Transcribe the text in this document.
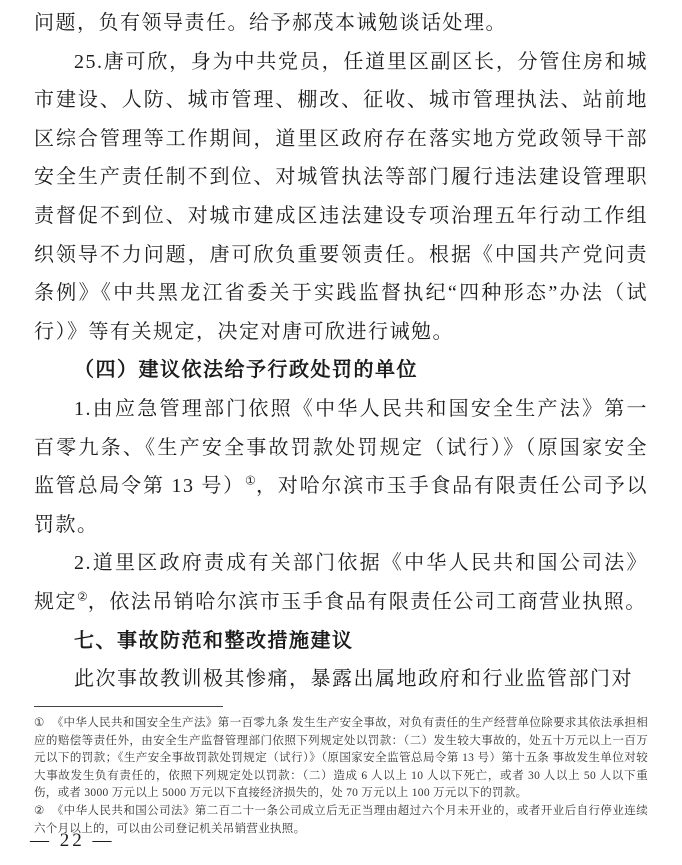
问题，负有领导责任。给予郝茂本诫勉谈话处理。

25.唐可欣，身为中共党员，任道里区副区长，分管住房和城市建设、人防、城市管理、棚改、征收、城市管理执法、站前地区综合管理等工作期间，道里区政府存在落实地方党政领导干部安全生产责任制不到位、对城管执法等部门履行违法建设管理职责督促不到位、对城市建成区违法建设专项治理五年行动工作组织领导不力问题，唐可欣负重要领责任。根据《中国共产党问责条例》《中共黑龙江省委关于实践监督执纪“四种形态”办法（试行）》等有关规定，决定对唐可欣进行诫勉。

（四）建议依法给予行政处罚的单位

1.由应急管理部门依照《中华人民共和国安全生产法》第一百零九条、《生产安全事故罚款处罚规定（试行）》（原国家安全监管总局令第 13 号）①，对哈尔滨市玉手食品有限责任公司予以罚款。

2.道里区政府责成有关部门依据《中华人民共和国公司法》规定②，依法吊销哈尔滨市玉手食品有限责任公司工商营业执照。

七、事故防范和整改措施建议

此次事故教训极其惨痛，暴露出属地政府和行业监管部门对

① 《中华人民共和国安全生产法》第一百零九条 发生生产安全事故，对负有责任的生产经营单位除要求其依法承担相应的赔偿等责任外，由安全生产监督管理部门依照下列规定处以罚款：（二）发生较大事故的，处五十万元以上一百万元以下的罚款；《生产安全事故罚款处罚规定（试行）》（原国家安全监管总局令第 13 号）第十五条 事故发生单位对较大事故发生负有责任的，依照下列规定处以罚款：（二）造成 6 人以上 10 人以下死亡，或者 30 人以上 50 人以下重伤，或者 3000 万元以上 5000 万元以下直接经济损失的，处 70 万元以上 100 万元以下的罚款。

② 《中华人民共和国公司法》第二百二十一条公司成立后无正当理由超过六个月未开业的，或者开业后自行停业连续六个月以上的，可以由公司登记机关吊销营业执照。

— 22 —
